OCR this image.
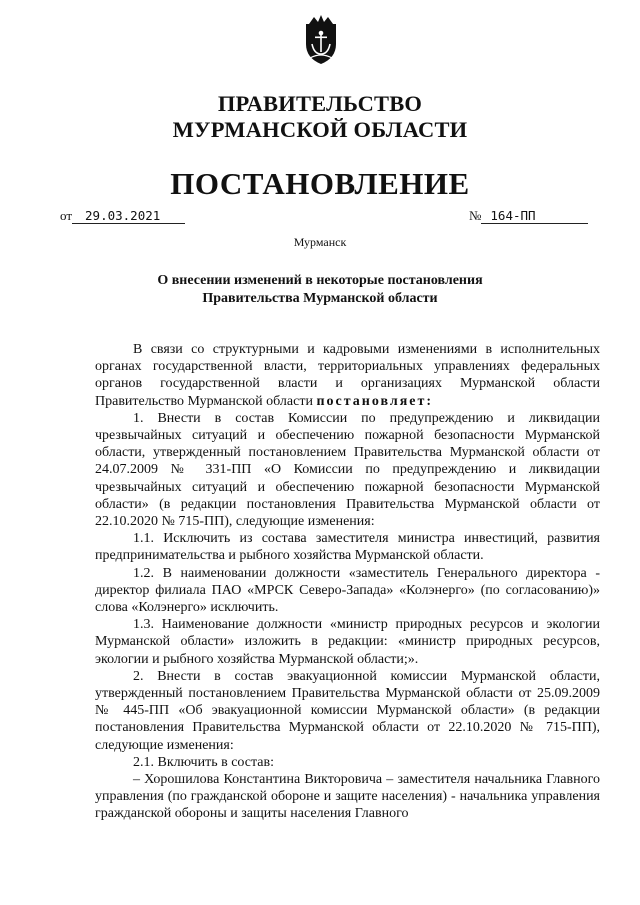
ПРАВИТЕЛЬСТВО
МУРМАНСКОЙ ОБЛАСТИ
ПОСТАНОВЛЕНИЕ
от 29.03.2021	№ 164-ПП
Мурманск
О внесении изменений в некоторые постановления
Правительства Мурманской области

В связи со структурными и кадровыми изменениями в исполнительных органах государственной власти, территориальных управлениях федеральных органов государственной власти и организациях Мурманской области Правительство Мурманской области постановляет:

1. Внести в состав Комиссии по предупреждению и ликвидации чрезвычайных ситуаций и обеспечению пожарной безопасности Мурманской области, утвержденный постановлением Правительства Мурманской области от 24.07.2009 № 331-ПП «О Комиссии по предупреждению и ликвидации чрезвычайных ситуаций и обеспечению пожарной безопасности Мурманской области» (в редакции постановления Правительства Мурманской области от 22.10.2020 № 715-ПП), следующие изменения:

1.1. Исключить из состава заместителя министра инвестиций, развития предпринимательства и рыбного хозяйства Мурманской области.

1.2. В наименовании должности «заместитель Генерального директора - директор филиала ПАО «МРСК Северо-Запада» «Колэнерго» (по согласованию)» слова «Колэнерго» исключить.

1.3. Наименование должности «министр природных ресурсов и экологии Мурманской области» изложить в редакции: «министр природных ресурсов, экологии и рыбного хозяйства Мурманской области;».

2. Внести в состав эвакуационной комиссии Мурманской области, утвержденный постановлением Правительства Мурманской области от 25.09.2009 № 445-ПП «Об эвакуационной комиссии Мурманской области» (в редакции постановления Правительства Мурманской области от 22.10.2020 № 715-ПП), следующие изменения:

2.1. Включить в состав:

– Хорошилова Константина Викторовича – заместителя начальника Главного управления (по гражданской обороне и защите населения) - начальника управления гражданской обороны и защиты населения Главного
